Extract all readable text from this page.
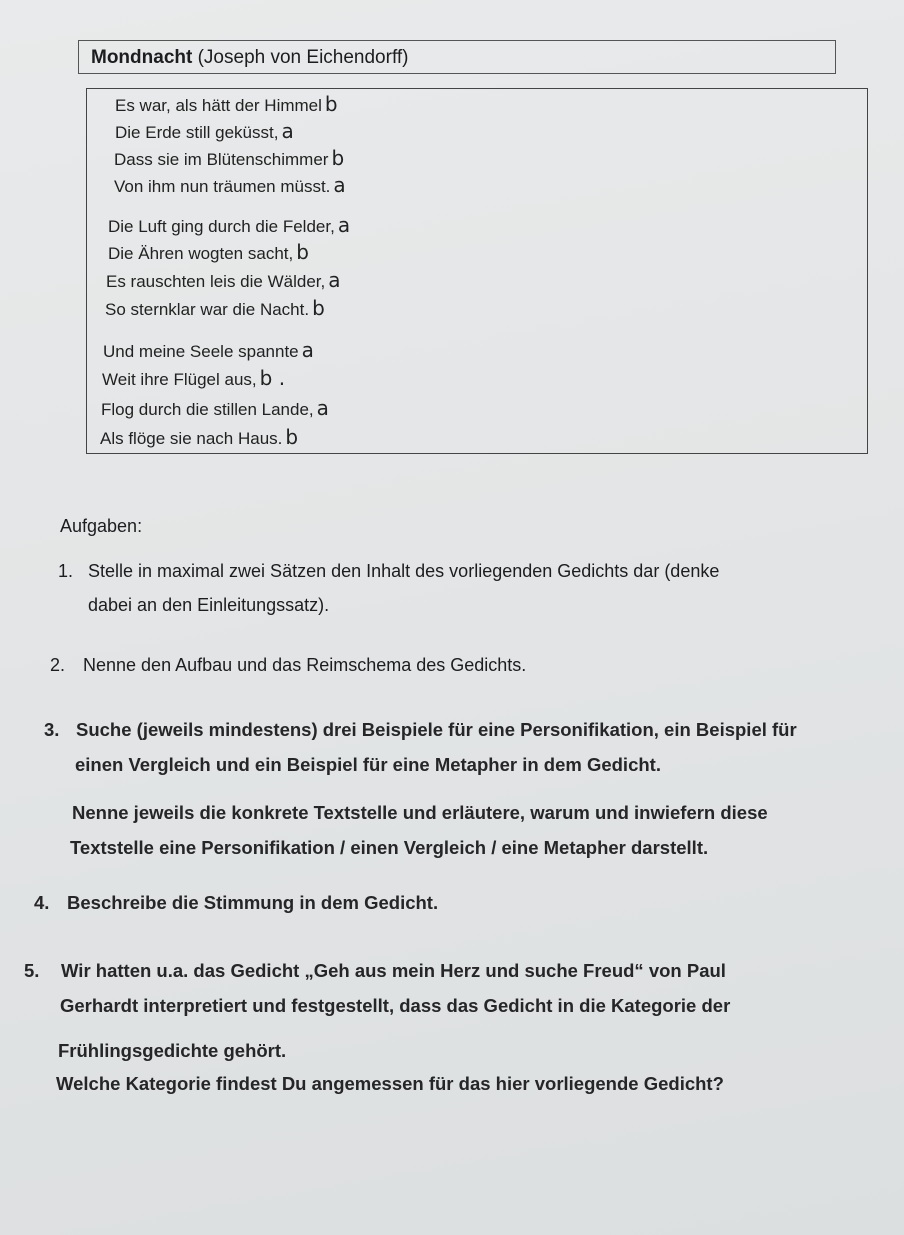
Mondnacht (Joseph von Eichendorff)
Es war, als hätt der Himmel b
Die Erde still geküsst, a
Dass sie im Blütenschimmer b
Von ihm nun träumen müsst. a
Die Luft ging durch die Felder, a
Die Ähren wogten sacht, b
Es rauschten leis die Wälder, a
So sternklar war die Nacht. b
Und meine Seele spannte a
Weit ihre Flügel aus, b .
Flog durch die stillen Lande, a
Als flöge sie nach Haus. b
Aufgaben:
1. Stelle in maximal zwei Sätzen den Inhalt des vorliegenden Gedichts dar (denke
dabei an den Einleitungssatz).
2. Nenne den Aufbau und das Reimschema des Gedichts.
3. Suche (jeweils mindestens) drei Beispiele für eine Personifikation, ein Beispiel für
einen Vergleich und ein Beispiel für eine Metapher in dem Gedicht.
Nenne jeweils die konkrete Textstelle und erläutere, warum und inwiefern diese
Textstelle eine Personifikation / einen Vergleich / eine Metapher darstellt.
4. Beschreibe die Stimmung in dem Gedicht.
5. Wir hatten u.a. das Gedicht „Geh aus mein Herz und suche Freud“ von Paul
Gerhardt interpretiert und festgestellt, dass das Gedicht in die Kategorie der
Frühlingsgedichte gehört.
Welche Kategorie findest Du angemessen für das hier vorliegende Gedicht?
